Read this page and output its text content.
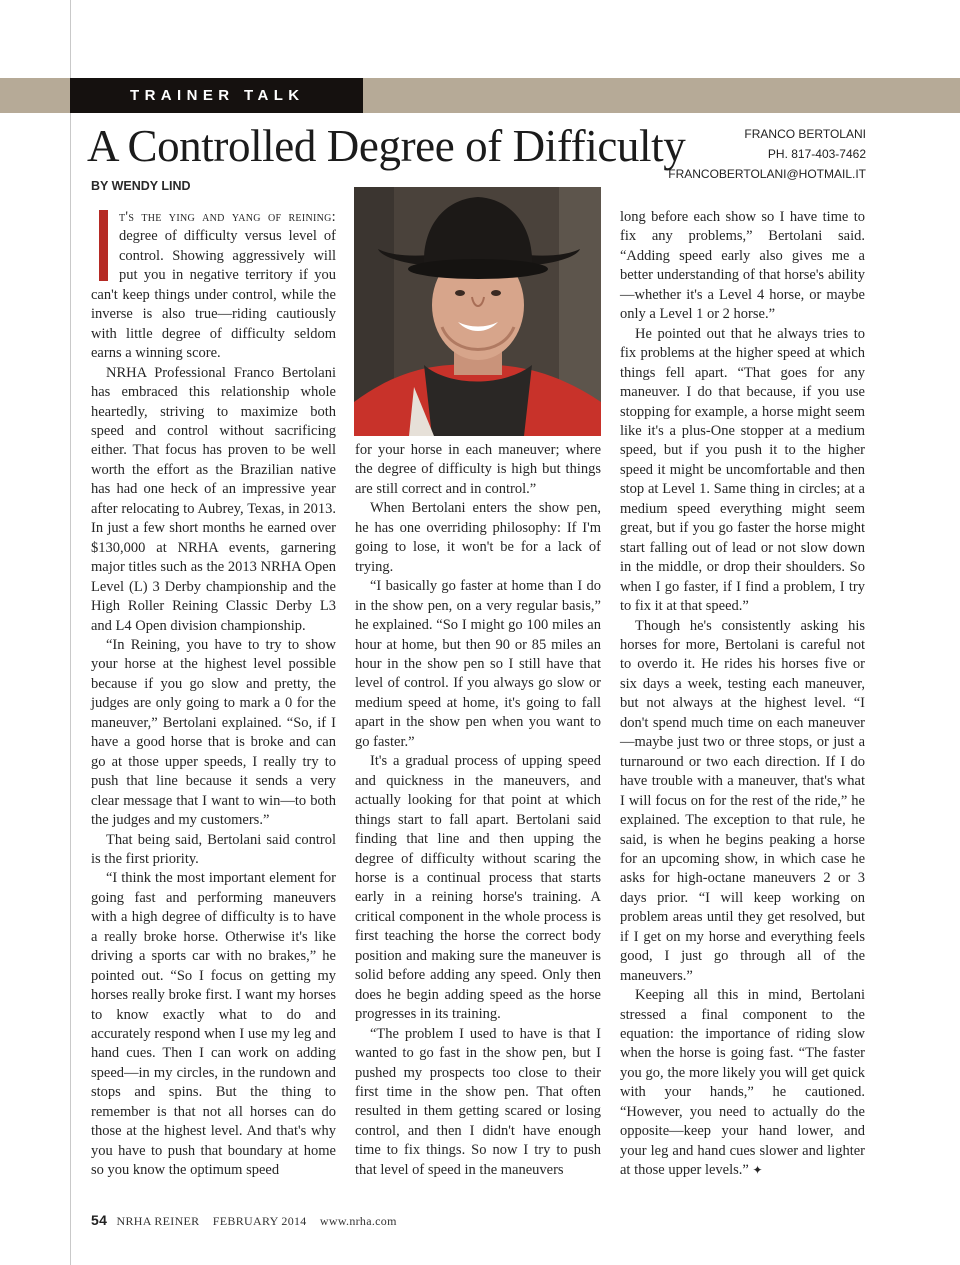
TRAINER TALK
A Controlled Degree of Difficulty
BY WENDY LIND
FRANCO BERTOLANI
PH. 817-403-7462
FRANCOBERTOLANI@HOTMAIL.IT

I	t's the ying and yang of reining: degree of difficulty versus level of control. Showing aggressively will put you in negative territory if you can't keep things under control, while the inverse is also true—riding cautiously with little degree of difficulty seldom earns a winning score.

NRHA Professional Franco Bertolani has embraced this relationship whole heartedly, striving to maximize both speed and control without sacrificing either. That focus has proven to be well worth the effort as the Brazilian native has had one heck of an impressive year after relocating to Aubrey, Texas, in 2013. In just a few short months he earned over $130,000 at NRHA events, garnering major titles such as the 2013 NRHA Open Level (L) 3 Derby championship and the High Roller Reining Classic Derby L3 and L4 Open division championship.

“In Reining, you have to try to show your horse at the highest level possible because if you go slow and pretty, the judges are only going to mark a 0 for the maneuver,” Bertolani explained. “So, if I have a good horse that is broke and can go at those upper speeds, I really try to push that line because it sends a very clear message that I want to win—to both the judges and my customers.”

That being said, Bertolani said control is the first priority.

“I think the most important element for going fast and performing maneuvers with a high degree of difficulty is to have a really broke horse. Otherwise it's like driving a sports car with no brakes,” he pointed out. “So I focus on getting my horses really broke first. I want my horses to know exactly what to do and accurately respond when I use my leg and hand cues. Then I can work on adding speed—in my circles, in the rundown and stops and spins. But the thing to remember is that not all horses can do those at the highest level. And that's why you have to push that boundary at home so you know the optimum speed

for your horse in each maneuver; where the degree of difficulty is high but things are still correct and in control.”

When Bertolani enters the show pen, he has one overriding philosophy: If I'm going to lose, it won't be for a lack of trying.

“I basically go faster at home than I do in the show pen, on a very regular basis,” he explained. “So I might go 100 miles an hour at home, but then 90 or 85 miles an hour in the show pen so I still have that level of control. If you always go slow or medium speed at home, it's going to fall apart in the show pen when you want to go faster.”

It's a gradual process of upping speed and quickness in the maneuvers, and actually looking for that point at which things start to fall apart. Bertolani said finding that line and then upping the degree of difficulty without scaring the horse is a continual process that starts early in a reining horse's training. A critical component in the whole process is first teaching the horse the correct body position and making sure the maneuver is solid before adding any speed. Only then does he begin adding speed as the horse progresses in its training.

“The problem I used to have is that I wanted to go fast in the show pen, but I pushed my prospects too close to their first time in the show pen. That often resulted in them getting scared or losing control, and then I didn't have enough time to fix things. So now I try to push that level of speed in the maneuvers

long before each show so I have time to fix any problems,” Bertolani said. “Adding speed early also gives me a better understanding of that horse's ability—whether it's a Level 4 horse, or maybe only a Level 1 or 2 horse.”

He pointed out that he always tries to fix problems at the higher speed at which things fell apart. “That goes for any maneuver. I do that because, if you use stopping for example, a horse might seem like it's a plus-One stopper at a medium speed, but if you push it to the higher speed it might be uncomfortable and then stop at Level 1. Same thing in circles; at a medium speed everything might seem great, but if you go faster the horse might start falling out of lead or not slow down in the middle, or drop their shoulders. So when I go faster, if I find a problem, I try to fix it at that speed.”

Though he's consistently asking his horses for more, Bertolani is careful not to overdo it. He rides his horses five or six days a week, testing each maneuver, but not always at the highest level. “I don't spend much time on each maneuver—maybe just two or three stops, or just a turnaround or two each direction. If I do have trouble with a maneuver, that's what I will focus on for the rest of the ride,” he explained. The exception to that rule, he said, is when he begins peaking a horse for an upcoming show, in which case he asks for high-octane maneuvers 2 or 3 days prior. “I will keep working on problem areas until they get resolved, but if I get on my horse and everything feels good, I just go through all of the maneuvers.”

Keeping all this in mind, Bertolani stressed a final component to the equation: the importance of riding slow when the horse is going fast. “The faster you go, the more likely you will get quick with your hands,” he cautioned. “However, you need to actually do the opposite—keep your hand lower, and your leg and hand cues slower and lighter at those upper levels.” ✦

54 NRHA REINER FEBRUARY 2014 www.nrha.com
